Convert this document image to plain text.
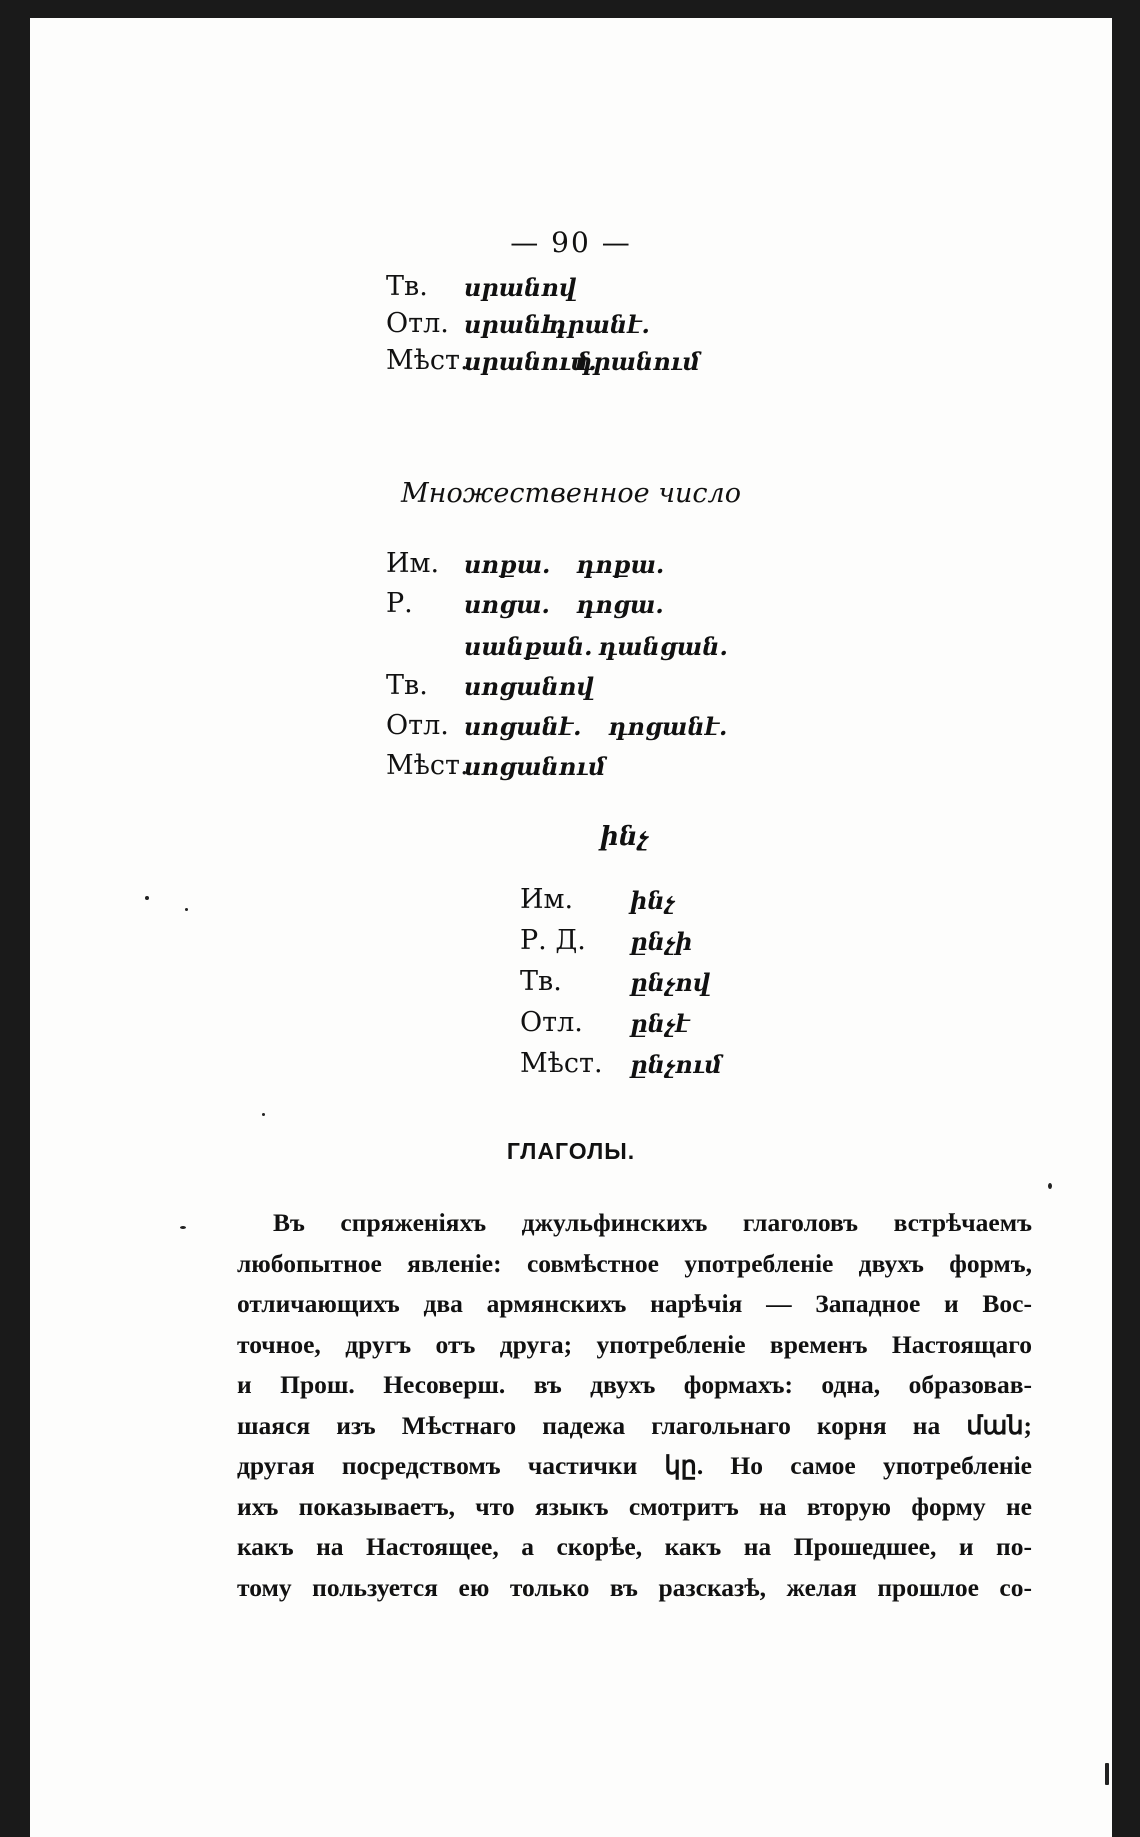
— 90 —
Тв. սրանով
Отл. սրանէ.
դրանէ.
Мѣст.
սրանում.
դրանում
Множественное число
Им. սոքա. դոքա.
Р. սոցա. դոցա.
սանքան. դանցան.
Тв. սոցանով
Отл. սոցանէ. դոցանէ.
Мѣст.
սոցանում
ինչ
Им. ինչ
Р. Д. ընչի
Тв.	ընչով
Отл. ընչէ
Мѣст. ընչում
ГЛАГОЛЫ.
Въ спряженіяхъ джульфинскихъ глаголовъ встрѣчаемъ
любопытное явленіе: совмѣстное употребленіе двухъ формъ,
отличающихъ два армянскихъ нарѣчія — Западное и Вос-
точное, другъ отъ друга; употребленіе временъ Настоящаго
и Прош. Несоверш. въ двухъ формахъ: одна, образовав-
шаяся изъ Мѣстнаго падежа глагольнаго корня на ման;
другая посредствомъ частички կը. Но самое употребленіе
ихъ показываетъ, что языкъ смотритъ на вторую форму не
какъ на Настоящее, а скорѣе, какъ на Прошедшее, и по-
тому пользуется ею только въ разсказѣ, желая прошлое со-
